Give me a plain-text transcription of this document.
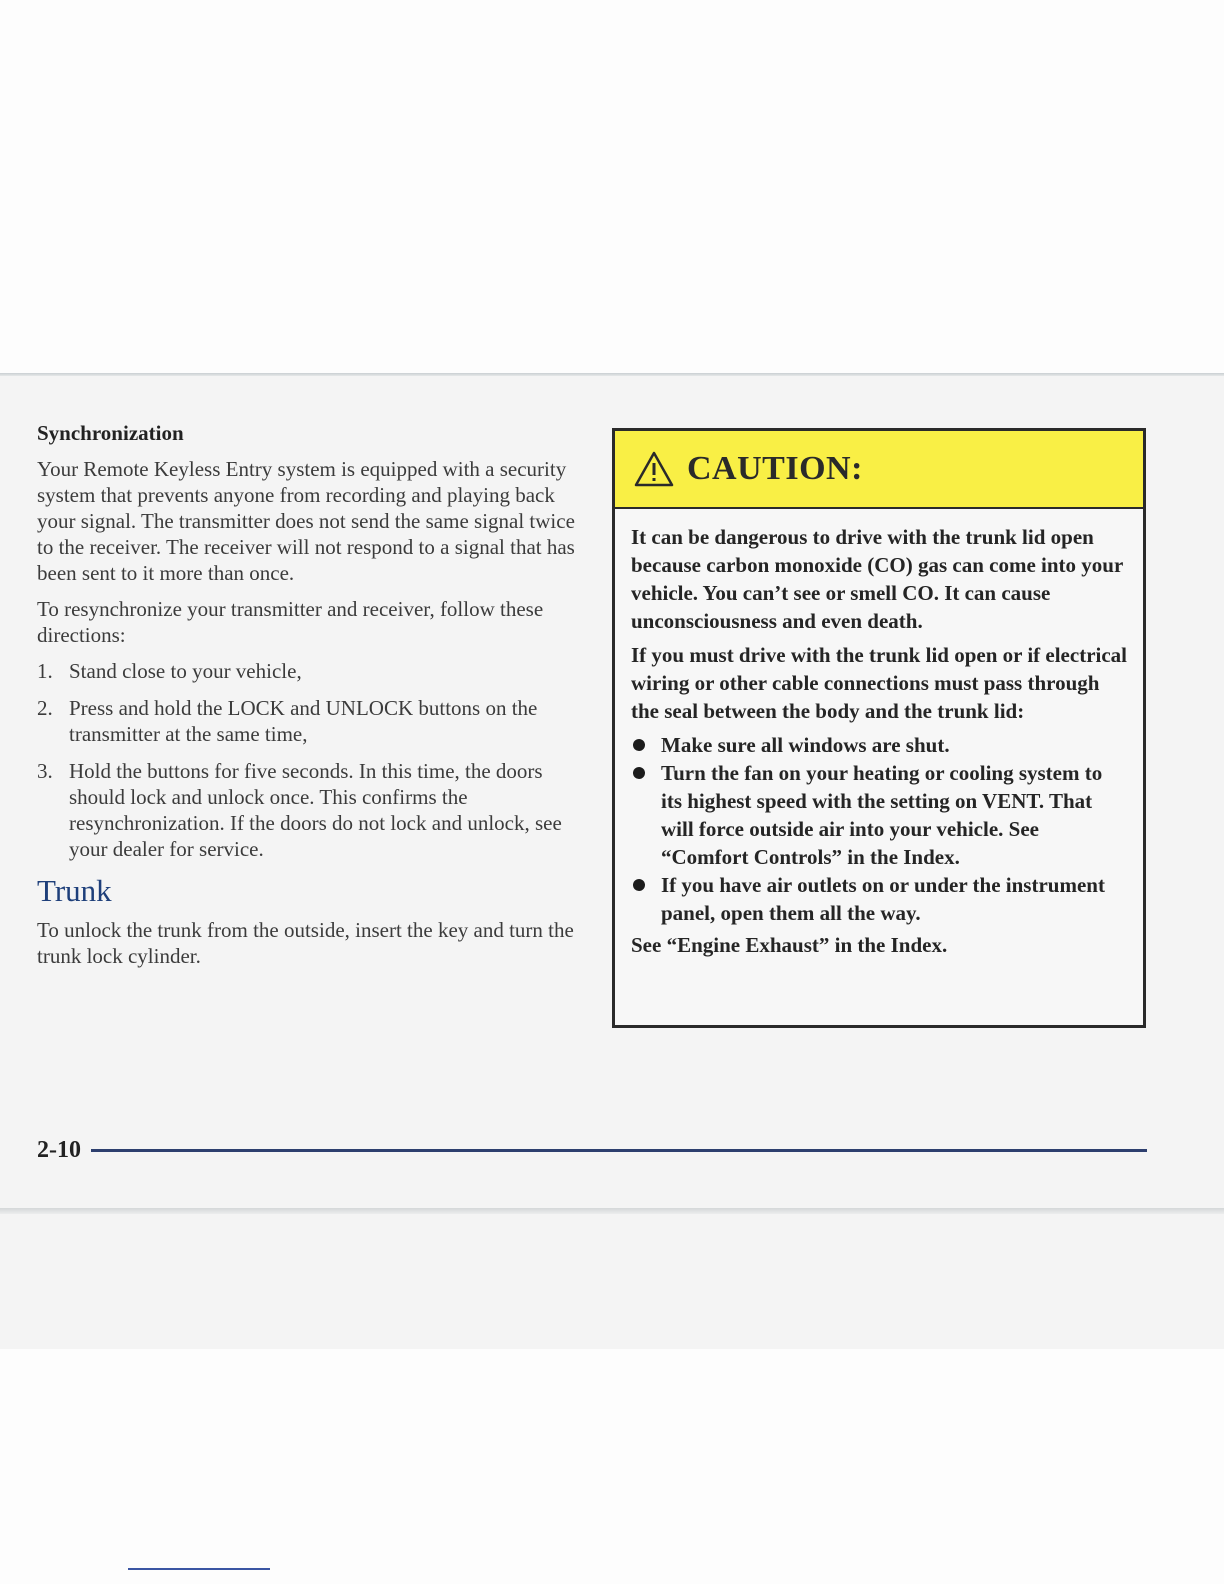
Synchronization

Your Remote Keyless Entry system is equipped with a security system that prevents anyone from recording and playing back your signal. The transmitter does not send the same signal twice to the receiver. The receiver will not respond to a signal that has been sent to it more than once.

To resynchronize your transmitter and receiver, follow these directions:

1. Stand close to your vehicle,
2. Press and hold the LOCK and UNLOCK buttons on the transmitter at the same time,
3. Hold the buttons for five seconds. In this time, the doors should lock and unlock once. This confirms the resynchronization. If the doors do not lock and unlock, see your dealer for service.
Trunk

To unlock the trunk from the outside, insert the key and turn the trunk lock cylinder.

CAUTION:

It can be dangerous to drive with the trunk lid open because carbon monoxide (CO) gas can come into your vehicle. You can’t see or smell CO. It can cause unconsciousness and even death.

If you must drive with the trunk lid open or if electrical wiring or other cable connections must pass through the seal between the body and the trunk lid:

Make sure all windows are shut.
Turn the fan on your heating or cooling system to its highest speed with the setting on VENT. That will force outside air into your vehicle. See “Comfort Controls” in the Index.
If you have air outlets on or under the instrument panel, open them all the way.

See “Engine Exhaust” in the Index.

2-10
